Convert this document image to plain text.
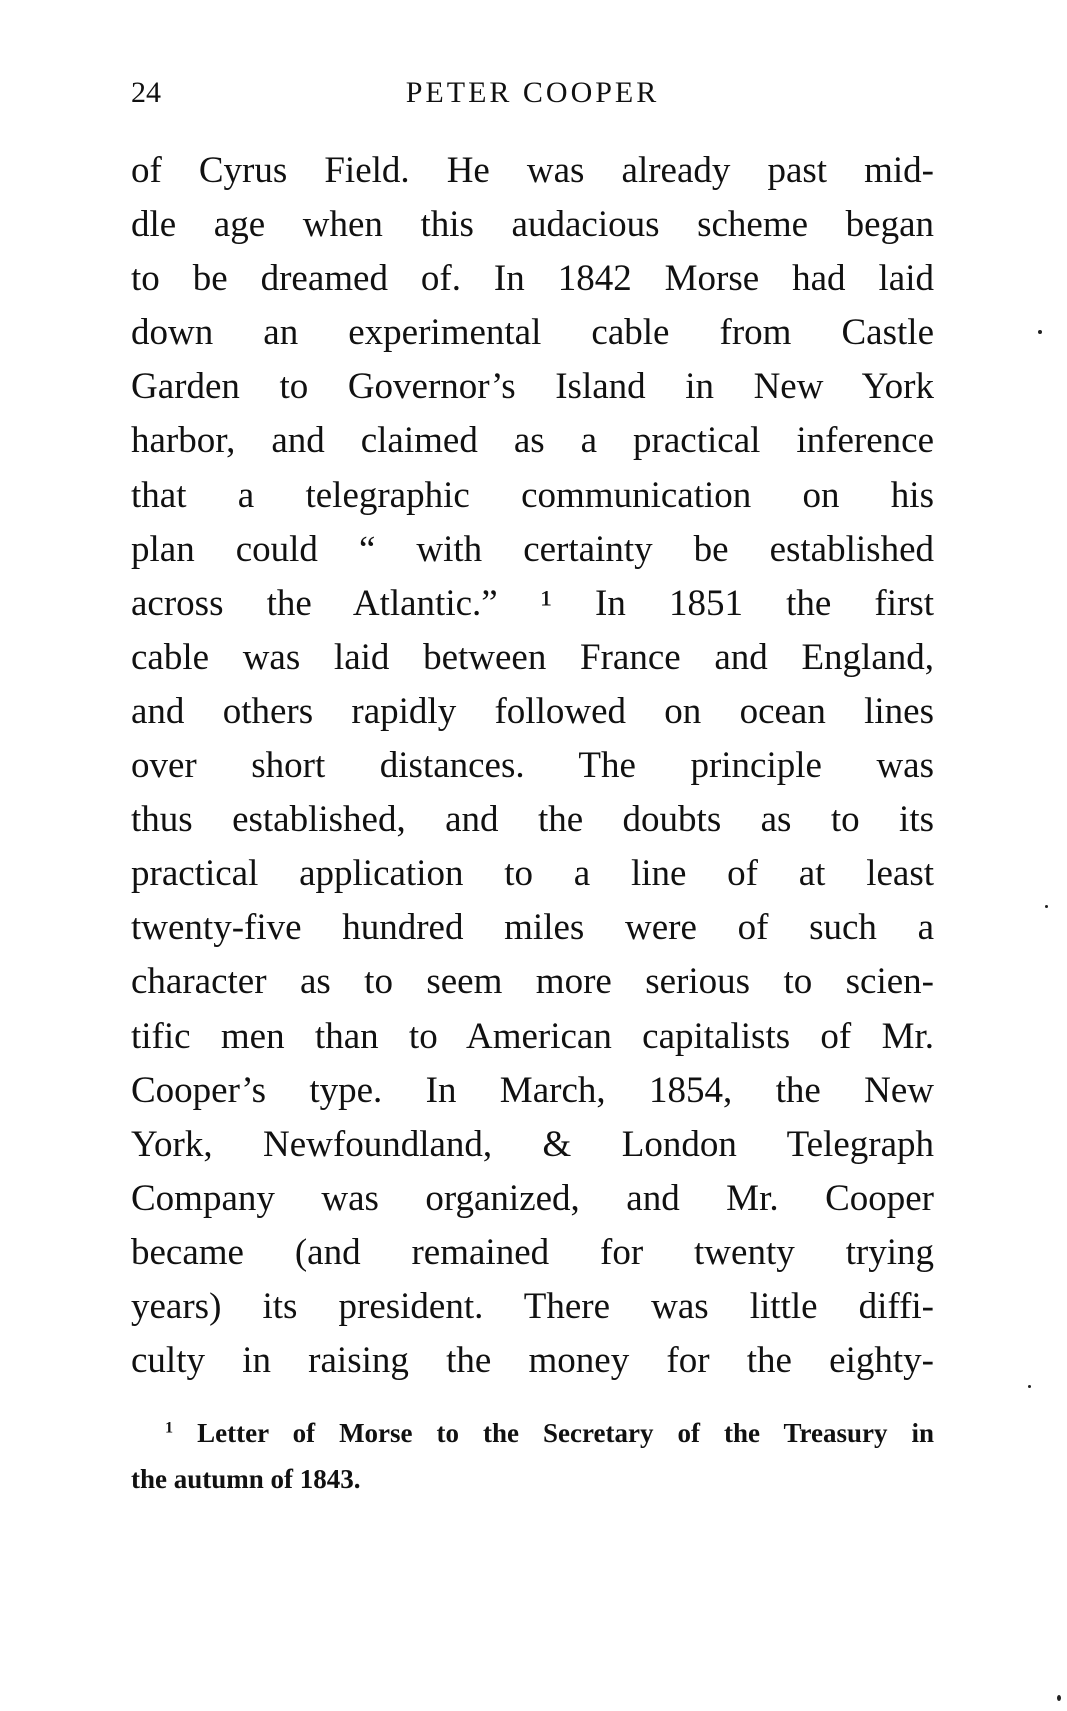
24	PETER COOPER
of Cyrus Field. He was already past mid-
dle age when this audacious scheme began
to be dreamed of. In 1842 Morse had laid
down an experimental cable from Castle
Garden to Governor’s Island in New York
harbor, and claimed as a practical inference
that a telegraphic communication on his
plan could “ with certainty be established
across the Atlantic.” ¹ In 1851 the first
cable was laid between France and England,
and others rapidly followed on ocean lines
over short distances. The principle was
thus established, and the doubts as to its
practical application to a line of at least
twenty-five hundred miles were of such a
character as to seem more serious to scien-
tific men than to American capitalists of Mr.
Cooper’s type. In March, 1854, the New
York, Newfoundland, & London Telegraph
Company was organized, and Mr. Cooper
became (and remained for twenty trying
years) its president. There was little diffi-
culty in raising the money for the eighty-
$^1$ Letter of Morse to the Secretary of the Treasury in
the autumn of 1843.
